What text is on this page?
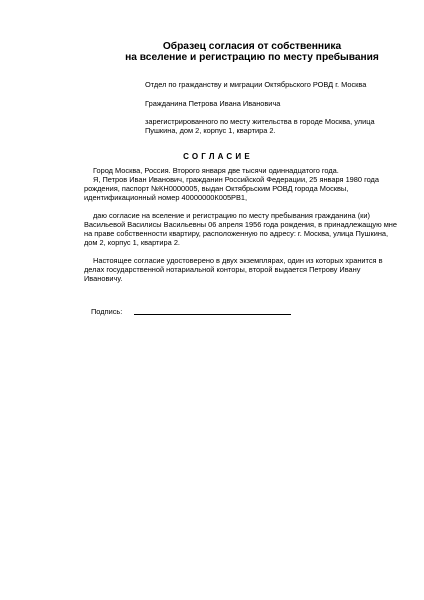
Образец согласия от собственника
на вселение и регистрацию по месту пребывания
Отдел по гражданству и миграции Октябрьского РОВД г. Москва
Гражданина Петрова Ивана Ивановича
зарегистрированного по месту жительства в городе Москва, улица
Пушкина, дом 2, корпус 1, квартира 2.
СОГЛАСИЕ
Город Москва, Россия. Второго января две тысячи одиннадцатого года.
Я, Петров Иван Иванович, гражданин Российской Федерации, 25 января 1980 года
рождения, паспорт №КН0000005, выдан Октябрьским РОВД города Москвы,
идентификационный номер 40000000К005РВ1,
даю согласие на вселение и регистрацию по месту пребывания гражданина (ки)
Васильевой Василисы Васильевны 06 апреля 1956 года рождения, в принадлежащую мне
на праве собственности квартиру, расположенную по адресу: г. Москва, улица Пушкина,
дом 2, корпус 1, квартира 2.
Настоящее согласие удостоверено в двух экземплярах, один из которых хранится в
делах государственной нотариальной конторы, второй выдается Петрову Ивану
Ивановичу.
Подпись:
